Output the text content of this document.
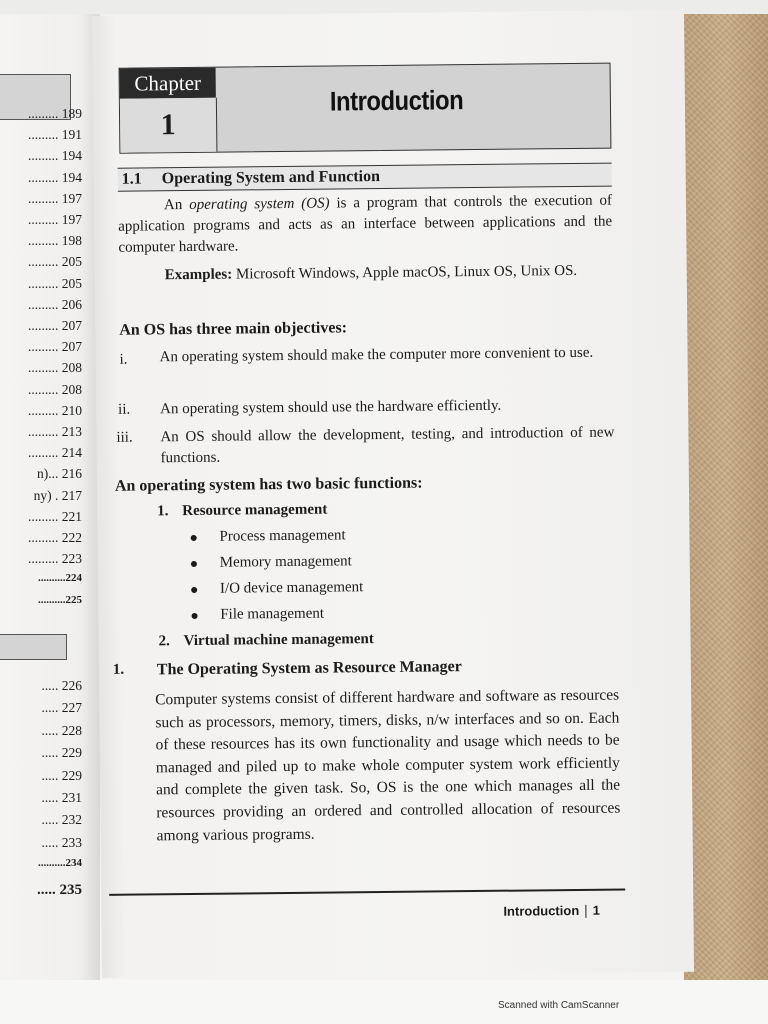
......... 189
......... 191
......... 194
......... 194
......... 197
......... 197
......... 198
......... 205
......... 205
......... 206
......... 207
......... 207
......... 208
......... 208
......... 210
......... 213
......... 214
n)... 216
ny) . 217
......... 221
......... 222
......... 223
..........224
..........225
..... 226
..... 227
..... 228
..... 229
..... 229
..... 231
..... 232
..... 233
..........234
..... 235
Chapter
1
Introduction
1.1 Operating System and Function
An operating system (OS) is a program that controls the execution of application programs and acts as an interface between applications and the computer hardware.
Examples: Microsoft Windows, Apple macOS, Linux OS, Unix OS.
An OS has three main objectives:
i. An operating system should make the computer more convenient to use.
ii. An operating system should use the hardware efficiently.
iii. An OS should allow the development, testing, and introduction of new functions.
An operating system has two basic functions:
1. Resource management
● Process management
● Memory management
● I/O device management
● File management
2. Virtual machine management
1. The Operating System as Resource Manager
Computer systems consist of different hardware and software as resources such as processors, memory, timers, disks, n/w interfaces and so on. Each of these resources has its own functionality and usage which needs to be managed and piled up to make whole computer system work efficiently and complete the given task. So, OS is the one which manages all the resources providing an ordered and controlled allocation of resources among various programs.
Introduction 1
Scanned with CamScanner
